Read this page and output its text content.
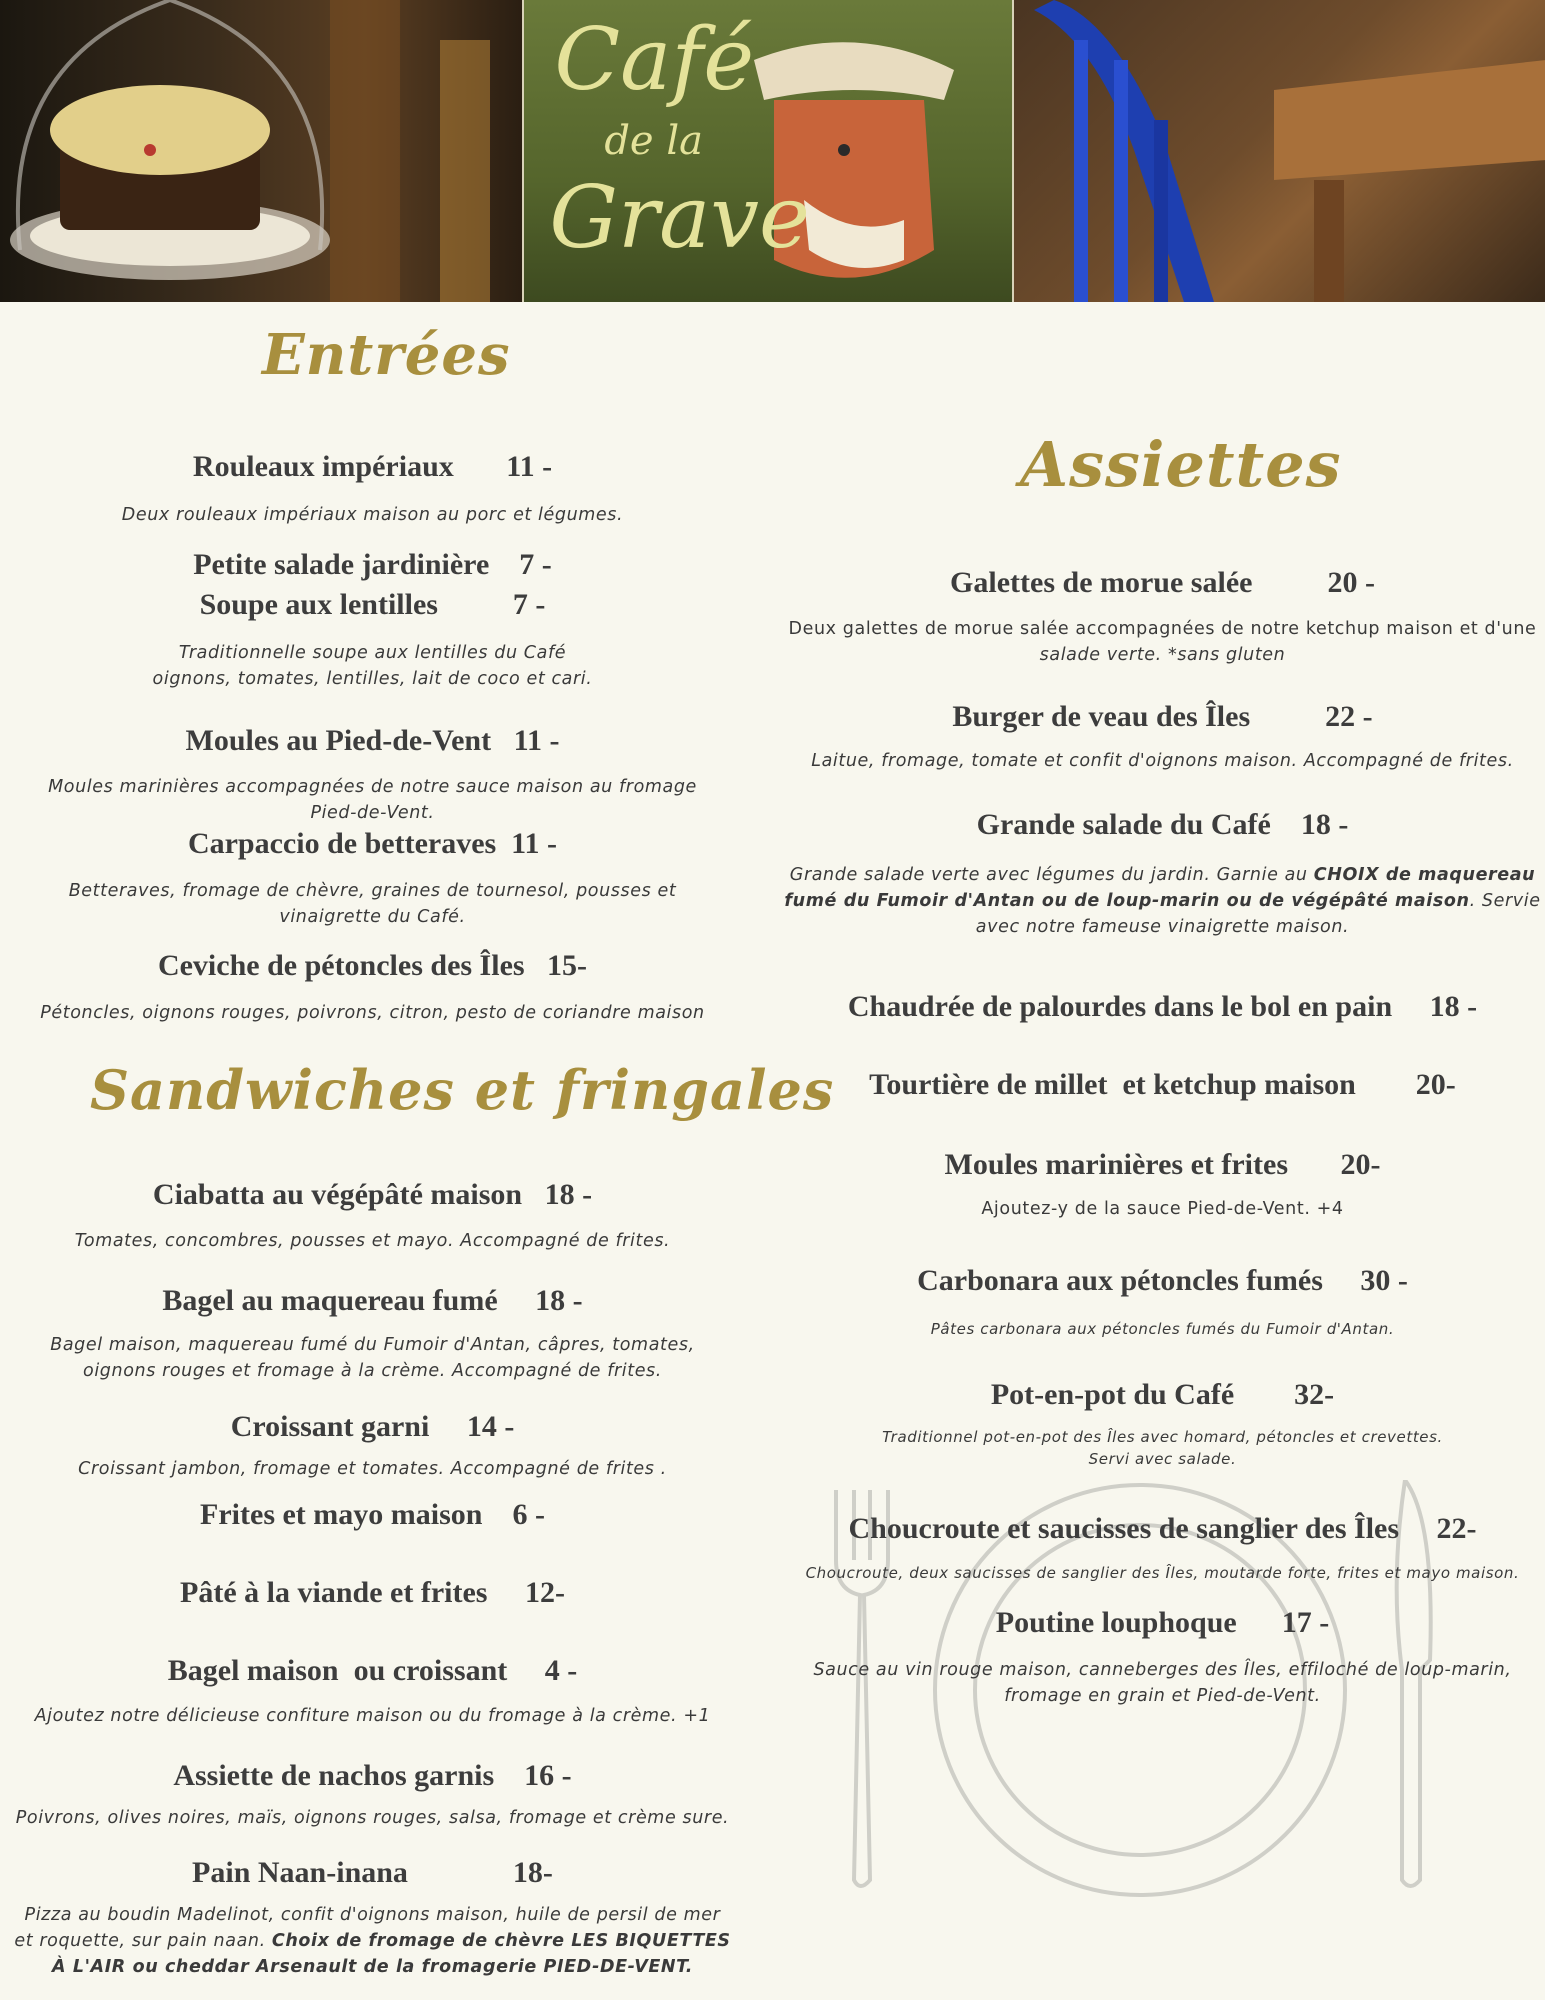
Café
de la
Grave
Entrées
Assiettes
Sandwiches et fringales
Rouleaux impériaux       11 -
Deux rouleaux impériaux maison au porc et légumes.
Petite salade jardinière    7 -
Soupe aux lentilles          7 -
Traditionnelle soupe aux lentilles du Café
oignons, tomates, lentilles, lait de coco et cari.
Moules au Pied-de-Vent   11 -
Moules marinières accompagnées de notre sauce maison au fromage
Pied-de-Vent.
Carpaccio de betteraves  11 -
Betteraves, fromage de chèvre, graines de tournesol, pousses et
vinaigrette du Café.
Ceviche de pétoncles des Îles   15-
Pétoncles, oignons rouges, poivrons, citron, pesto de coriandre maison
Ciabatta au végépâté maison   18 -
Tomates, concombres, pousses et mayo. Accompagné de frites.
Bagel au maquereau fumé     18 -
Bagel maison, maquereau fumé du Fumoir d'Antan, câpres, tomates,
oignons rouges et fromage à la crème. Accompagné de frites.
Croissant garni     14 -
Croissant jambon, fromage et tomates. Accompagné de frites .
Frites et mayo maison    6 -
Pâté à la viande et frites     12-
Bagel maison  ou croissant     4 -
Ajoutez notre délicieuse confiture maison ou du fromage à la crème. +1
Assiette de nachos garnis    16 -
Poivrons, olives noires, maïs, oignons rouges, salsa, fromage et crème sure.
Pain Naan-inana              18-
Pizza au boudin Madelinot, confit d'oignons maison, huile de persil de mer
et roquette, sur pain naan. Choix de fromage de chèvre LES BIQUETTES
À L'AIR ou cheddar Arsenault de la fromagerie PIED-DE-VENT.
Galettes de morue salée          20 -
Deux galettes de morue salée accompagnées de notre ketchup maison et d'une
salade verte. *sans gluten
Burger de veau des Îles          22 -
Laitue, fromage, tomate et confit d'oignons maison. Accompagné de frites.
Grande salade du Café    18 -
Grande salade verte avec légumes du jardin. Garnie au CHOIX de maquereau
fumé du Fumoir d'Antan ou de loup-marin ou de végépâté maison. Servie
avec notre fameuse vinaigrette maison.
Chaudrée de palourdes dans le bol en pain     18 -
Tourtière de millet  et ketchup maison        20-
Moules marinières et frites       20-
Ajoutez-y de la sauce Pied-de-Vent. +4
Carbonara aux pétoncles fumés     30 -
Pâtes carbonara aux pétoncles fumés du Fumoir d'Antan.
Pot-en-pot du Café        32-
Traditionnel pot-en-pot des Îles avec homard, pétoncles et crevettes.
Servi avec salade.
Choucroute et saucisses de sanglier des Îles     22-
Choucroute, deux saucisses de sanglier des Îles, moutarde forte, frites et mayo maison.
Poutine louphoque      17 -
Sauce au vin rouge maison, canneberges des Îles, effiloché de loup-marin,
fromage en grain et Pied-de-Vent.
